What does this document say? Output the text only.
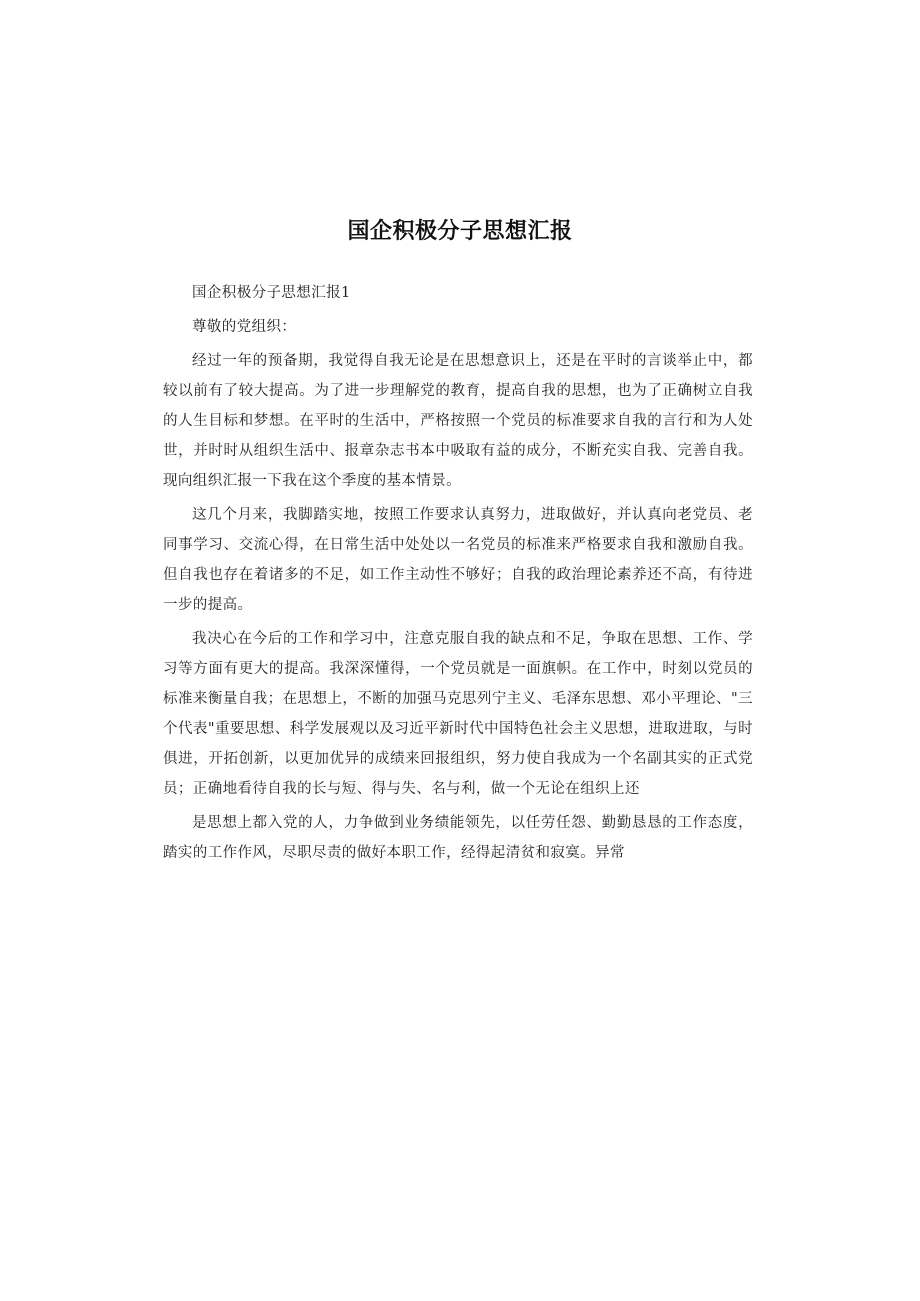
国企积极分子思想汇报

国企积极分子思想汇报1

尊敬的党组织：

经过一年的预备期，我觉得自我无论是在思想意识上，还是在平时的言谈举止中，都较以前有了较大提高。为了进一步理解党的教育，提高自我的思想，也为了正确树立自我的人生目标和梦想。在平时的生活中，严格按照一个党员的标准要求自我的言行和为人处世，并时时从组织生活中、报章杂志书本中吸取有益的成分，不断充实自我、完善自我。现向组织汇报一下我在这个季度的基本情景。

这几个月来，我脚踏实地，按照工作要求认真努力，进取做好，并认真向老党员、老同事学习、交流心得，在日常生活中处处以一名党员的标准来严格要求自我和激励自我。但自我也存在着诸多的不足，如工作主动性不够好；自我的政治理论素养还不高，有待进一步的提高。

我决心在今后的工作和学习中，注意克服自我的缺点和不足，争取在思想、工作、学习等方面有更大的提高。我深深懂得，一个党员就是一面旗帜。在工作中，时刻以党员的标准来衡量自我；在思想上，不断的加强马克思列宁主义、毛泽东思想、邓小平理论、"三个代表"重要思想、科学发展观以及习近平新时代中国特色社会主义思想，进取进取，与时俱进，开拓创新，以更加优异的成绩来回报组织，努力使自我成为一个名副其实的正式党员；正确地看待自我的长与短、得与失、名与利，做一个无论在组织上还

是思想上都入党的人，力争做到业务绩能领先，以任劳任怨、勤勤恳恳的工作态度，踏实的工作作风，尽职尽责的做好本职工作，经得起清贫和寂寞。异常
